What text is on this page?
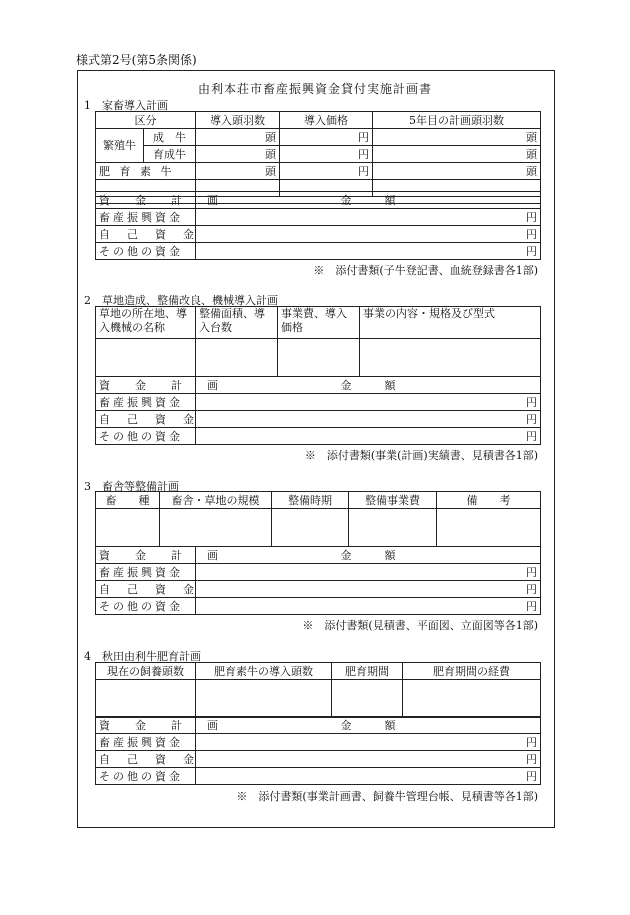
様式第2号(第5条関係)
由利本荘市畜産振興資金貸付実施計画書
1　家畜導入計画
区分		導入頭羽数	導入価格	5年目の計画頭羽数
繁殖牛	成　牛	頭	円	頭
	育成牛	頭	円	頭
肥 育 素 牛		頭	円	頭

資　金　計　画	金　　　額
畜産振興資金	円
自　己　資　金	円
その他の資金	円
※　添付書類(子牛登記書、血統登録書各1部)
2　草地造成、整備改良、機械導入計画
草地の所在地、導入機械の名称	整備面積、導入台数	事業費、導入価格	事業の内容・規格及び型式

資　金　計　画	金　　　額
畜産振興資金	円
自　己　資　金	円
その他の資金	円
※　添付書類(事業(計画)実績書、見積書各1部)
3　畜舎等整備計画
畜　　種	畜舎・草地の規模	整備時期	整備事業費	備　　考

資　金　計　画	金　　　額
畜産振興資金	円
自　己　資　金	円
その他の資金	円
※　添付書類(見積書、平面図、立面図等各1部)
4　秋田由利牛肥育計画
現在の飼養頭数	肥育素牛の導入頭数	肥育期間	肥育期間の経費

資　金　計　画	金　　　額
畜産振興資金	円
自　己　資　金	円
その他の資金	円
※　添付書類(事業計画書、飼養牛管理台帳、見積書等各1部)
